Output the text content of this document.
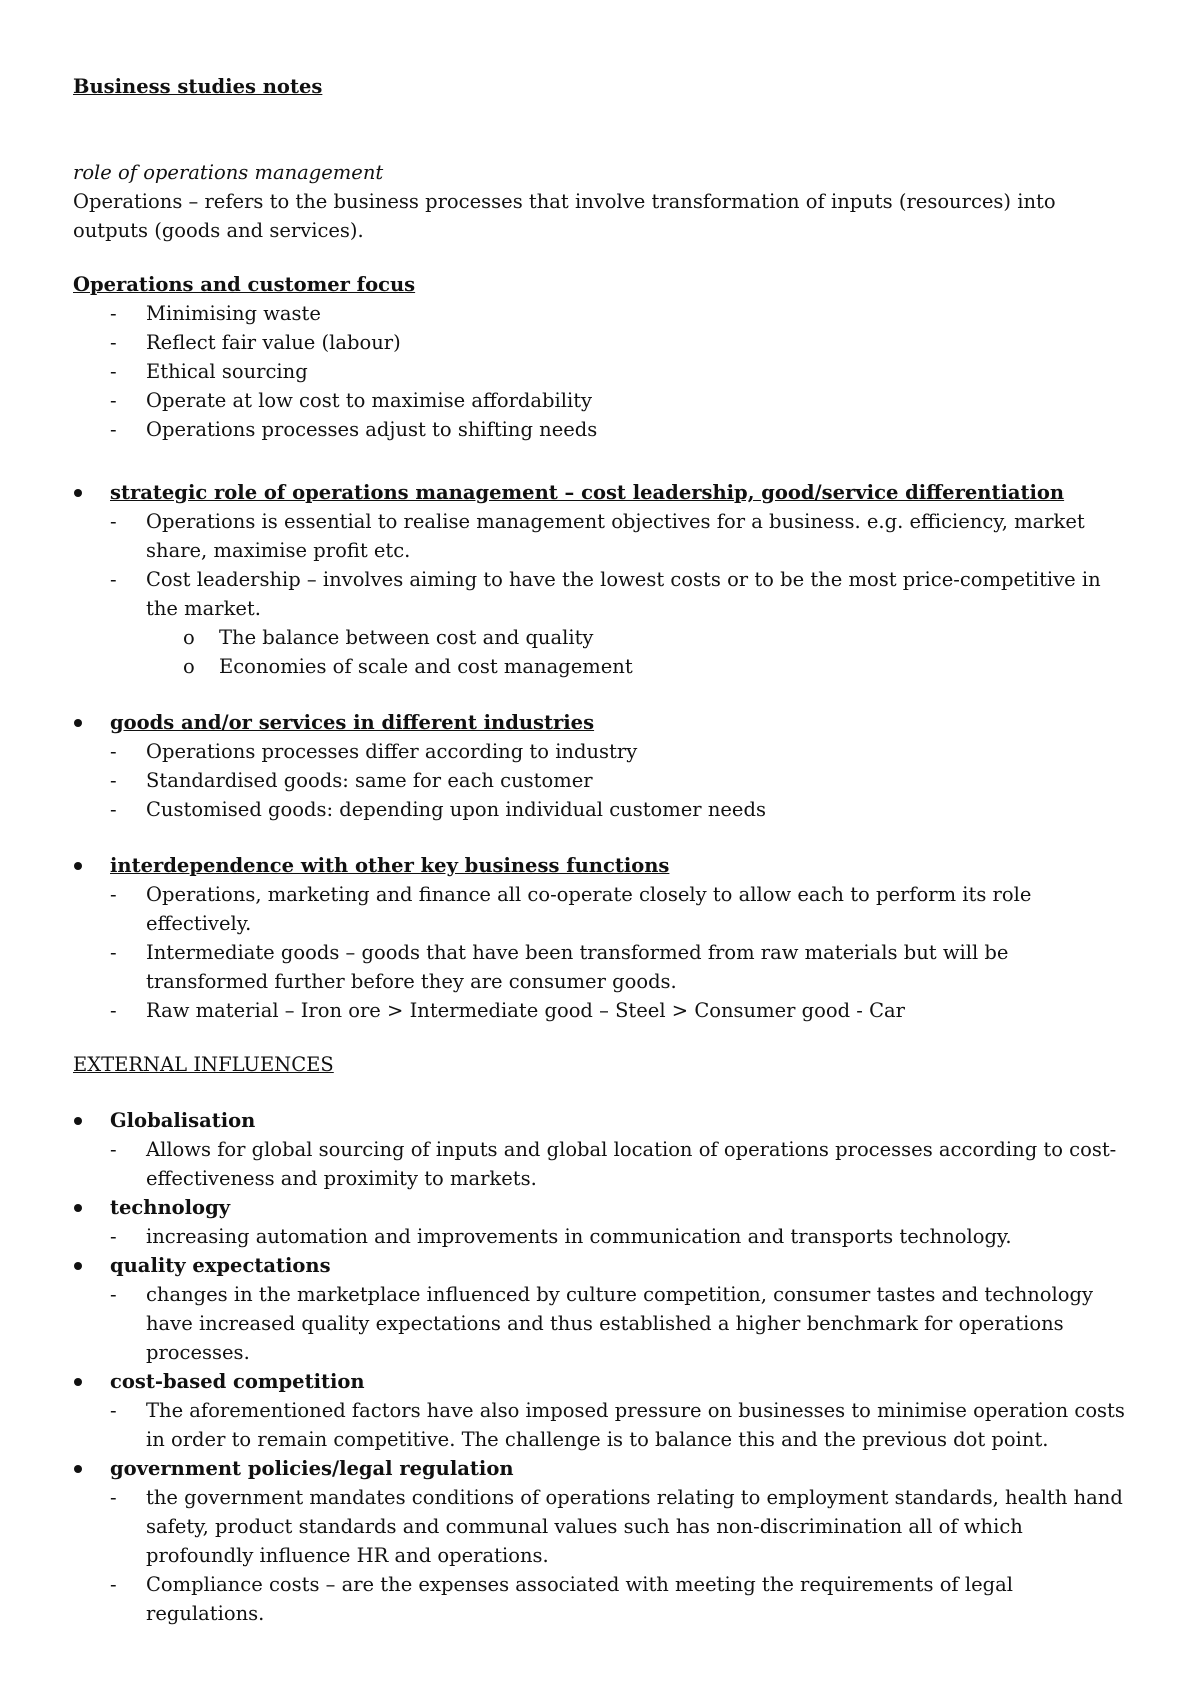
Business studies notes
role of operations management
Operations – refers to the business processes that involve transformation of inputs (resources) into outputs (goods and services).
Operations and customer focus
- Minimising waste
- Reflect fair value (labour)
- Ethical sourcing
- Operate at low cost to maximise affordability
- Operations processes adjust to shifting needs
strategic role of operations management – cost leadership, good/service differentiation
- Operations is essential to realise management objectives for a business. e.g. efficiency, market share, maximise profit etc.
- Cost leadership – involves aiming to have the lowest costs or to be the most price-competitive in the market.
o The balance between cost and quality
o Economies of scale and cost management
goods and/or services in different industries
- Operations processes differ according to industry
- Standardised goods: same for each customer
- Customised goods: depending upon individual customer needs
interdependence with other key business functions
- Operations, marketing and finance all co-operate closely to allow each to perform its role effectively.
- Intermediate goods – goods that have been transformed from raw materials but will be transformed further before they are consumer goods.
- Raw material – Iron ore > Intermediate good – Steel > Consumer good - Car
EXTERNAL INFLUENCES
Globalisation
- Allows for global sourcing of inputs and global location of operations processes according to cost-effectiveness and proximity to markets.
technology
- increasing automation and improvements in communication and transports technology.
quality expectations
- changes in the marketplace influenced by culture competition, consumer tastes and technology have increased quality expectations and thus established a higher benchmark for operations processes.
cost-based competition
- The aforementioned factors have also imposed pressure on businesses to minimise operation costs in order to remain competitive. The challenge is to balance this and the previous dot point.
government policies/legal regulation
- the government mandates conditions of operations relating to employment standards, health hand safety, product standards and communal values such has non-discrimination all of which profoundly influence HR and operations.
- Compliance costs – are the expenses associated with meeting the requirements of legal regulations.
